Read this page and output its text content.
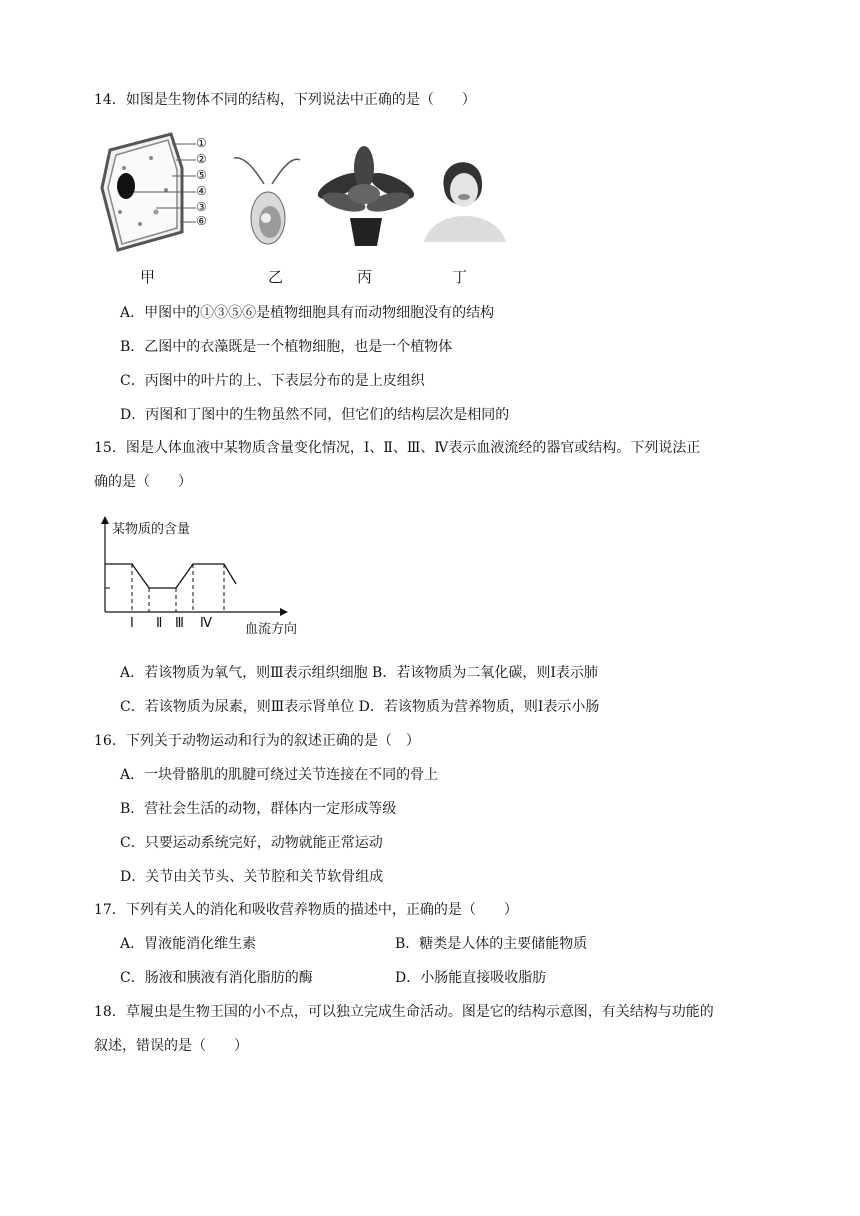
14．如图是生物体不同的结构，下列说法中正确的是（　　）
①
②
⑤
④
③
⑥
甲	乙	丙	丁
A．甲图中的①③⑤⑥是植物细胞具有而动物细胞没有的结构
B．乙图中的衣藻既是一个植物细胞，也是一个植物体
C．丙图中的叶片的上、下表层分布的是上皮组织
D．丙图和丁图中的生物虽然不同，但它们的结构层次是相同的
15．图是人体血液中某物质含量变化情况，Ⅰ、Ⅱ、Ⅲ、Ⅳ表示血液流经的器官或结构。下列说法正
确的是（　　）
某物质的含量
Ⅰ Ⅱ Ⅲ Ⅳ	血流方向
A．若该物质为氧气，则Ⅲ表示组织细胞 B．若该物质为二氧化碳，则Ⅰ表示肺
C．若该物质为尿素，则Ⅲ表示肾单位 D．若该物质为营养物质，则Ⅰ表示小肠
16．下列关于动物运动和行为的叙述正确的是（　）
A．一块骨骼肌的肌腱可绕过关节连接在不同的骨上
B．营社会生活的动物，群体内一定形成等级
C．只要运动系统完好，动物就能正常运动
D．关节由关节头、关节腔和关节软骨组成
17．下列有关人的消化和吸收营养物质的描述中，正确的是（　　）
A．胃液能消化维生素	B．糖类是人体的主要储能物质
C．肠液和胰液有消化脂肪的酶	D．小肠能直接吸收脂肪
18．草履虫是生物王国的小不点，可以独立完成生命活动。图是它的结构示意图，有关结构与功能的
叙述，错误的是（　　）
